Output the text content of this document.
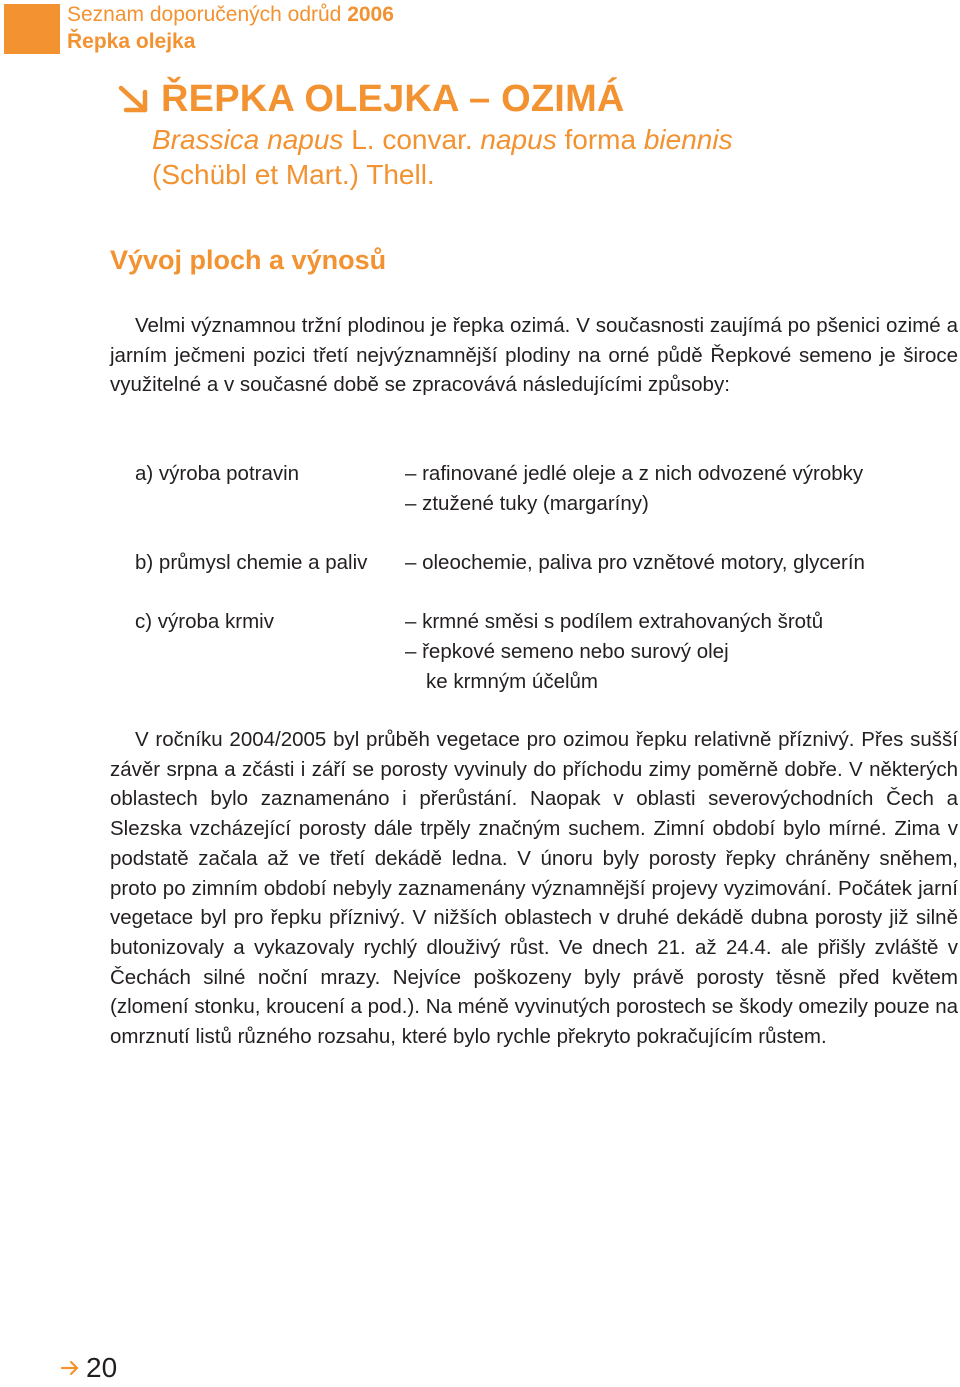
Seznam doporučených odrůd 2006
Řepka olejka
ŘEPKA OLEJKA – OZIMÁ
Brassica napus L. convar. napus forma biennis
(Schübl et Mart.) Thell.
Vývoj ploch a výnosů
Velmi významnou tržní plodinou je řepka ozimá. V současnosti zaujímá po pšenici ozimé a jarním ječmeni pozici třetí nejvýznamnější plodiny na orné půdě Řepkové semeno je široce využitelné a v současné době se zpracovává následujícími způsoby:
a) výroba potravin	– rafinované jedlé oleje a z nich odvozené výrobky
– ztužené tuky (margaríny)
b) průmysl chemie a paliv	– oleochemie, paliva pro vznětové motory, glycerín
c) výroba krmiv	– krmné směsi s podílem extrahovaných šrotů
– řepkové semeno nebo surový olej
ke krmným účelům
V ročníku 2004/2005 byl průběh vegetace pro ozimou řepku relativně příznivý. Přes sušší závěr srpna a zčásti i září se porosty vyvinuly do příchodu zimy poměrně dobře. V některých oblastech bylo zaznamenáno i přerůstání. Naopak v oblasti severovýchodních Čech a Slezska vzcházející porosty dále trpěly značným suchem. Zimní období bylo mírné. Zima v podstatě začala až ve třetí dekádě ledna. V únoru byly porosty řepky chráněny sněhem, proto po zimním období nebyly zaznamenány významnější projevy vyzimování. Počátek jarní vegetace byl pro řepku příznivý. V nižších oblastech v druhé dekádě dubna porosty již silně butonizovaly a vykazovaly rychlý dlouživý růst. Ve dnech 21. až 24.4. ale přišly zvláště v Čechách silné noční mrazy. Nejvíce poškozeny byly právě porosty těsně před květem (zlomení stonku, kroucení a pod.). Na méně vyvinutých porostech se škody omezily pouze na omrznutí listů různého rozsahu, které bylo rychle překryto pokračujícím růstem.
20
